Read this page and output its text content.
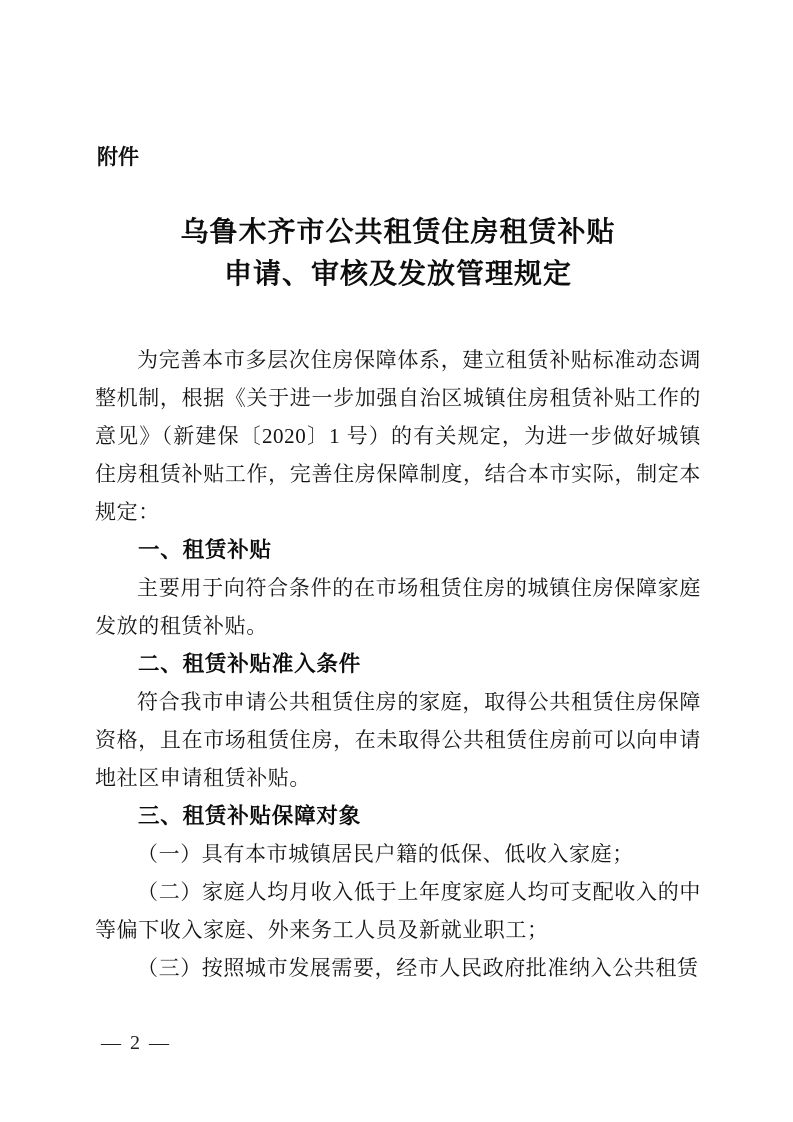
附件
乌鲁木齐市公共租赁住房租赁补贴
申请、审核及发放管理规定

为完善本市多层次住房保障体系，建立租赁补贴标准动态调整机制，根据《关于进一步加强自治区城镇住房租赁补贴工作的意见》（新建保〔2020〕1 号）的有关规定，为进一步做好城镇住房租赁补贴工作，完善住房保障制度，结合本市实际，制定本规定：

一、租赁补贴

主要用于向符合条件的在市场租赁住房的城镇住房保障家庭发放的租赁补贴。

二、租赁补贴准入条件

符合我市申请公共租赁住房的家庭，取得公共租赁住房保障资格，且在市场租赁住房，在未取得公共租赁住房前可以向申请地社区申请租赁补贴。

三、租赁补贴保障对象

（一）具有本市城镇居民户籍的低保、低收入家庭；

（二）家庭人均月收入低于上年度家庭人均可支配收入的中等偏下收入家庭、外来务工人员及新就业职工；

（三）按照城市发展需要，经市人民政府批准纳入公共租赁

— 2 —
